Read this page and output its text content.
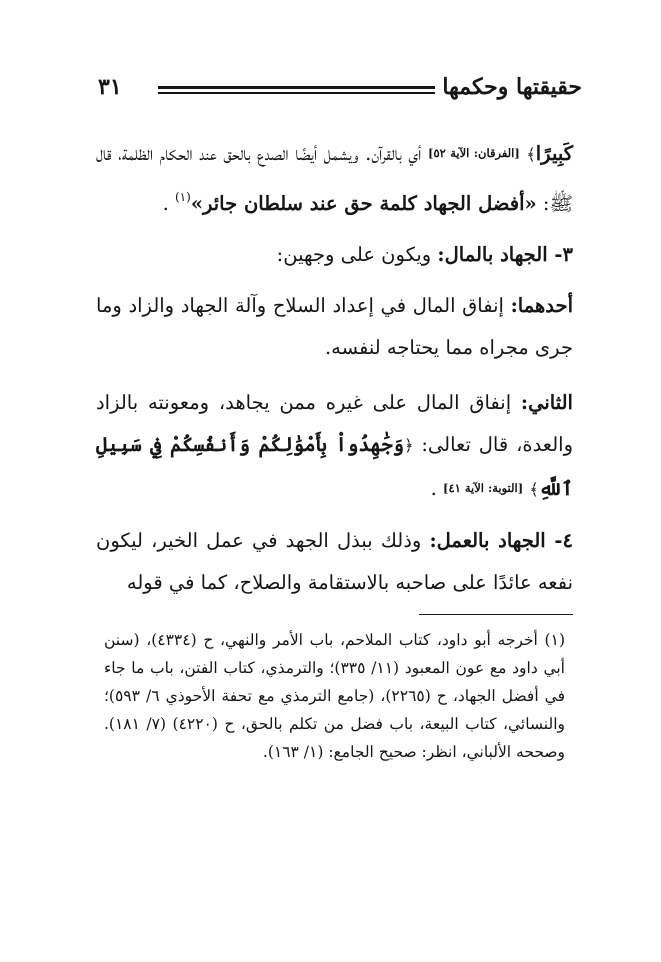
حقيقتها وحكمها
٣١

كَبِيرًا﴾ [الفرقان: الآية ٥٢] أي بالقرآن. ويشمل أيضًا الصدع بالحق عند الحكام الظلمة، قال ﷺ: «أفضل الجهاد كلمة حق عند سلطان جائر»$^{(١)}$ .

٣- الجهاد بالمال: ويكون على وجهين:

أحدهما: إنفاق المال في إعداد السلاح وآلة الجهاد والزاد وما جرى مجراه مما يحتاجه لنفسه.

الثاني: إنفاق المال على غيره ممن يجاهد، ومعونته بالزاد والعدة، قال تعالى: ﴿وَجَٰهِدُواْ بِأَمْوَٰلِكُمْ وَأَنفُسِكُمْ فِي سَبِيلِ ٱللَّهِ﴾ [التوبة: الآية ٤١] .

٤- الجهاد بالعمل: وذلك ببذل الجهد في عمل الخير، ليكون نفعه عائدًا على صاحبه بالاستقامة والصلاح، كما في قوله

(١) أخرجه أبو داود، كتاب الملاحم، باب الأمر والنهي، ح (٤٣٣٤)، (سنن أبي داود مع عون المعبود (١١/ ٣٣٥)؛ والترمذي، كتاب الفتن، باب ما جاء في أفضل الجهاد، ح (٢٢٦٥)، (جامع الترمذي مع تحفة الأحوذي ٦/ ٥٩٣)؛ والنسائي، كتاب البيعة، باب فضل من تكلم بالحق، ح (٤٢٢٠) (٧/ ١٨١). وصححه الألباني، انظر: صحيح الجامع: (١/ ١٦٣).
